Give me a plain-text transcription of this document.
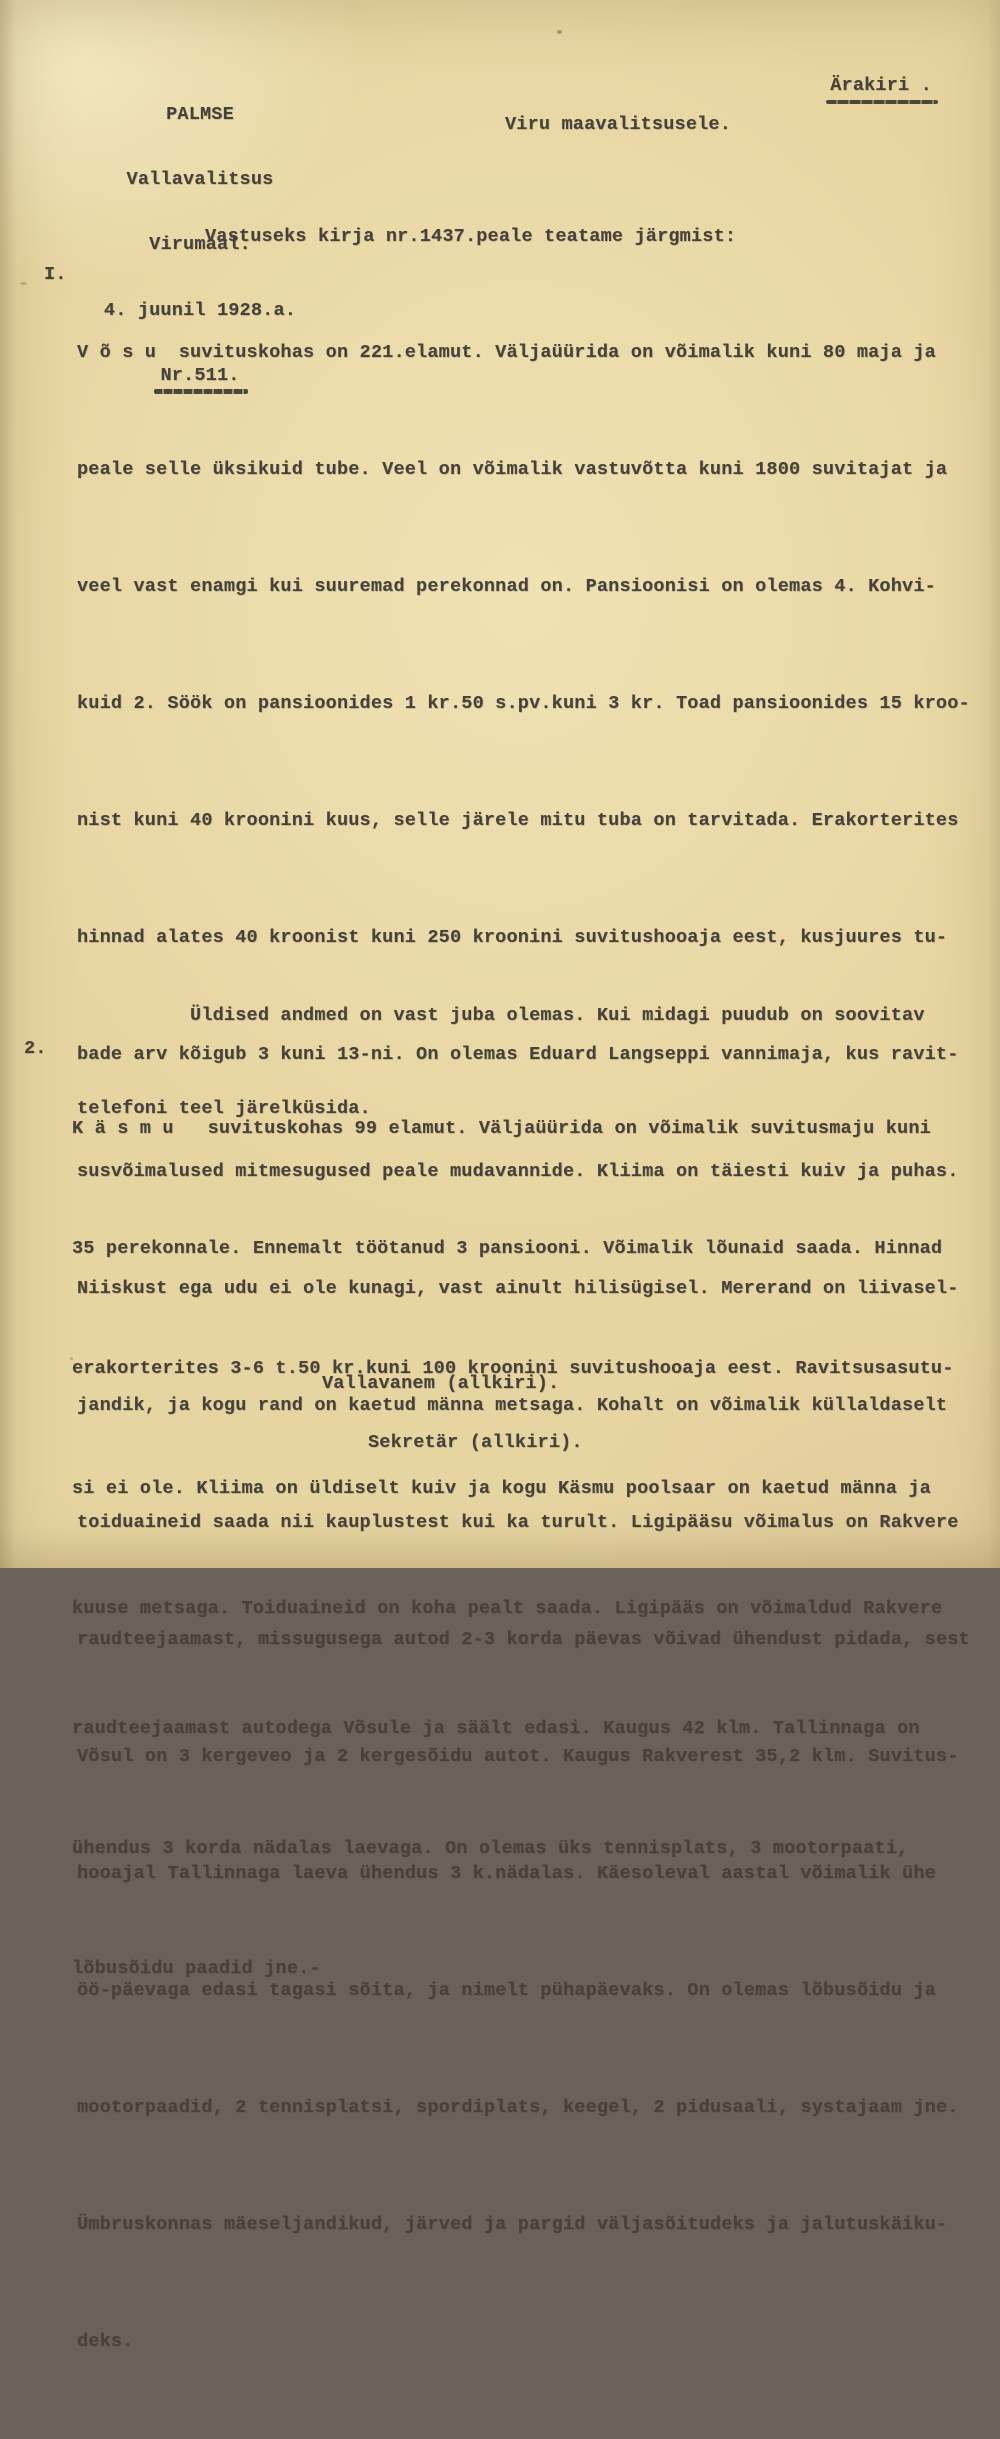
Ärakiri .

PALMSE

Vallavalitsus

Virumaal.

4. juunil 1928.a.

Nr.511.

Viru maavalitsusele.
Vastuseks kirja nr.1437.peale teatame järgmist:
I.

V õ s u  suvituskohas on 221.elamut. Väljaüürida on võimalik kuni 80 maja ja

peale selle üksikuid tube. Veel on võimalik vastuvõtta kuni 1800 suvitajat ja

veel vast enamgi kui suuremad perekonnad on. Pansioonisi on olemas 4. Kohvi-

kuid 2. Söök on pansioonides 1 kr.50 s.pv.kuni 3 kr. Toad pansioonides 15 kroo-

nist kuni 40 kroonini kuus, selle järele mitu tuba on tarvitada. Erakorterites

hinnad alates 40 kroonist kuni 250 kroonini suvitushooaja eest, kusjuures tu-

bade arv kõigub 3 kuni 13-ni. On olemas Eduard Langseppi vannimaja, kus ravit-

susvõimalused mitmesugused peale mudavannide. Kliima on täiesti kuiv ja puhas.

Niiskust ega udu ei ole kunagi, vast ainult hilisügisel. Mererand on liivasel-

jandik, ja kogu rand on kaetud männa metsaga. Kohalt on võimalik küllaldaselt

toiduaineid saada nii kauplustest kui ka turult. Ligipääsu võimalus on Rakvere

raudteejaamast, missugusega autod 2-3 korda päevas võivad ühendust pidada, sest

Võsul on 3 kergeveo ja 2 kergesõidu autot. Kaugus Rakverest 35,2 klm. Suvitus-

hooajal Tallinnaga laeva ühendus 3 k.nädalas. Käesoleval aastal võimalik ühe

öö-päevaga edasi tagasi sõita, ja nimelt pühapäevaks. On olemas lõbusõidu ja

mootorpaadid, 2 tennisplatsi, spordiplats, keegel, 2 pidusaali, systajaam jne.

Ümbruskonnas mäeseljandikud, järved ja pargid väljasõitudeks ja jalutuskäiku-

deks.

Üldised andmed on vast juba olemas. Kui midagi puudub on soovitav

telefoni teel järelküsida.

2.

K ä s m u   suvituskohas 99 elamut. Väljaüürida on võimalik suvitusmaju kuni

35 perekonnale. Ennemalt töötanud 3 pansiooni. Võimalik lõunaid saada. Hinnad

erakorterites 3-6 t.50 kr.kuni 100 kroonini suvitushooaja eest. Ravitsusasutu-

si ei ole. Kliima on üldiselt kuiv ja kogu Käsmu poolsaar on kaetud männa ja

kuuse metsaga. Toiduaineid on koha pealt saada. Ligipääs on võimaldud Rakvere

raudteejaamast autodega Võsule ja säält edasi. Kaugus 42 klm. Tallinnaga on

ühendus 3 korda nädalas laevaga. On olemas üks tennisplats, 3 mootorpaati,

lõbusõidu paadid jne.-

Vallavanem (allkiri).
Sekretär (allkiri).
